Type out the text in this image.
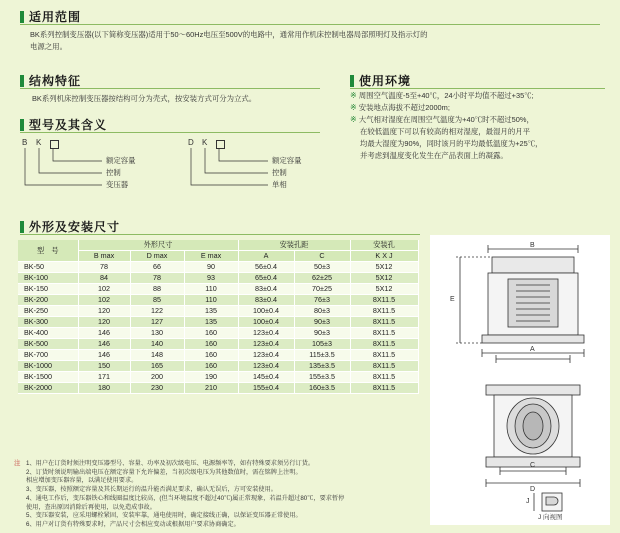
适用范围
BK系列控制变压器(以下简称变压器)适用于50～60Hz电压至500V的电路中，通常用作机床控制电器局部照明灯及指示灯的
电源之用。
结构特征
BK系列机床控制变压器按结构可分为壳式，按安装方式可分为立式。
使用环境
※ 周围空气温度-5至+40℃，24小时平均值不超过+35℃;
※ 安装地点海拔不超过2000m;
※ 大气相对湿度在周围空气温度为+40℃时不超过50%，
在较低温度下可以有较高的相对湿度，最湿月的月平
均最大湿度为90%，同时该月的平均最低温度为+25℃，
并考虑到温度变化发生在产品表面上的凝露。
型号及其含义
B K
额定容量
控制
变压器
D K
额定容量
控制
单相
外形及安装尺寸
型　号	外形尺寸			安装孔距		安装孔
	B max	D max	E max	A	C	K X J
BK-50	78	66	90	56±0.4	50±3	5X12
BK-100	84	78	93	65±0.4	62±25	5X12
BK-150	102	88	110	83±0.4	70±25	5X12
BK-200	102	85	110	83±0.4	76±3	8X11.5
BK-250	120	122	135	100±0.4	80±3	8X11.5
BK-300	120	127	135	100±0.4	90±3	8X11.5
BK-400	146	130	160	123±0.4	90±3	8X11.5
BK-500	146	140	160	123±0.4	105±3	8X11.5
BK-700	146	148	160	123±0.4	115±3.5	8X11.5
BK-1000	150	165	160	123±0.4	135±3.5	8X11.5
BK-1500	171	200	190	145±0.4	155±3.5	8X11.5
BK-2000	180	230	210	155±0.4	160±3.5	8X11.5
B
A
E
C
D
J
J 向视图
注 1、用户在订货时须注明变压器型号、容量、功率及初次级电压、电源频率等，如有特殊要求须另行订货。
2、订货时须说明输出端电压在额定容量下允许偏差，当初次级电压为其他数值时，需在铭牌上注明。
相应增加变压器容量，以满足使用要求。
3、变压器，按照额定容量及其长期运行的温升能否满足要求，确认无误后，方可安装使用。
4、通电工作后，变压器铁心和线圈温度比较高，(但当环境温度不超过40℃)属正常现象，若温升超过80℃，要求暂停
使用，查出原因消除后再使用，以免造成事故。
5、变压器安装，应采用螺栓紧固，安装牢靠，通电使用时，确定接线正确，以保证变压器正常使用。
6、用户对订货有特殊要求时，产品尺寸会相应变动或根据用户要求协商确定。
